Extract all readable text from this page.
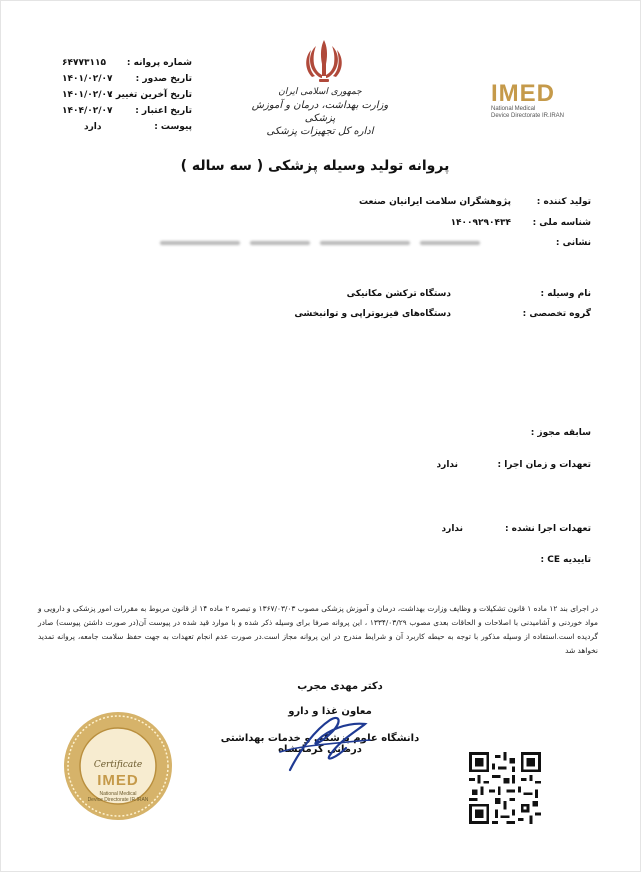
شماره پروانه :
۶۴۷۷۳۱۱۵
تاریخ صدور :
۱۴۰۱/۰۲/۰۷
تاریخ آخرین تغییر :
۱۴۰۱/۰۲/۰۷
تاریخ اعتبار :
۱۴۰۴/۰۲/۰۷
پیوست :
دارد
جمهوری اسلامی ایران
وزارت بهداشت، درمان و آموزش پزشکی
اداره کل تجهیزات پزشکی
IMED
National Medical
Device Directorate IR.IRAN
پروانه تولید وسیله پزشکی ( سه ساله )
تولید کننده :
پژوهشگران سلامت ایرانیان صنعت
شناسه ملی :
۱۴۰۰۹۲۹۰۴۳۴
نشانی :
نام وسیله :
دستگاه ترکشن مکانیکی
گروه تخصصی :
دستگاه‌های فیزیوتراپی و توانبخشی
سابقه مجوز :
تعهدات و زمان اجرا :
ندارد
تعهدات اجرا نشده :
ندارد
تاییدیه CE :
در اجرای بند ۱۲ ماده ۱ قانون تشکیلات و وظایف وزارت بهداشت، درمان و آموزش پزشکی مصوب ۱۳۶۷/۰۳/۰۳ و تبصره ۲ ماده ۱۴ از قانون مربوط به مقررات امور پزشکی و دارویی و مواد خوردنی و آشامیدنی با اصلاحات و الحاقات بعدی مصوب ۱۳۳۴/۰۳/۲۹ ، این پروانه صرفا برای وسیله ذکر شده و با موارد قید شده در پیوست آن(در صورت داشتن پیوست) صادر گردیده است.استفاده از وسیله مذکور با توجه به حیطه کاربرد آن و شرایط مندرج در این پروانه مجاز است.در صورت عدم انجام تعهدات به جهت حفظ سلامت جامعه، پروانه تمدید نخواهد شد
دکتر مهدی مجرب
معاون غذا و دارو
دانشگاه علوم پزشکی و خدمات بهداشتی درمانی کرمانشاه
Certificate
IMED
National Medical
Device Directorate IR.IRAN
